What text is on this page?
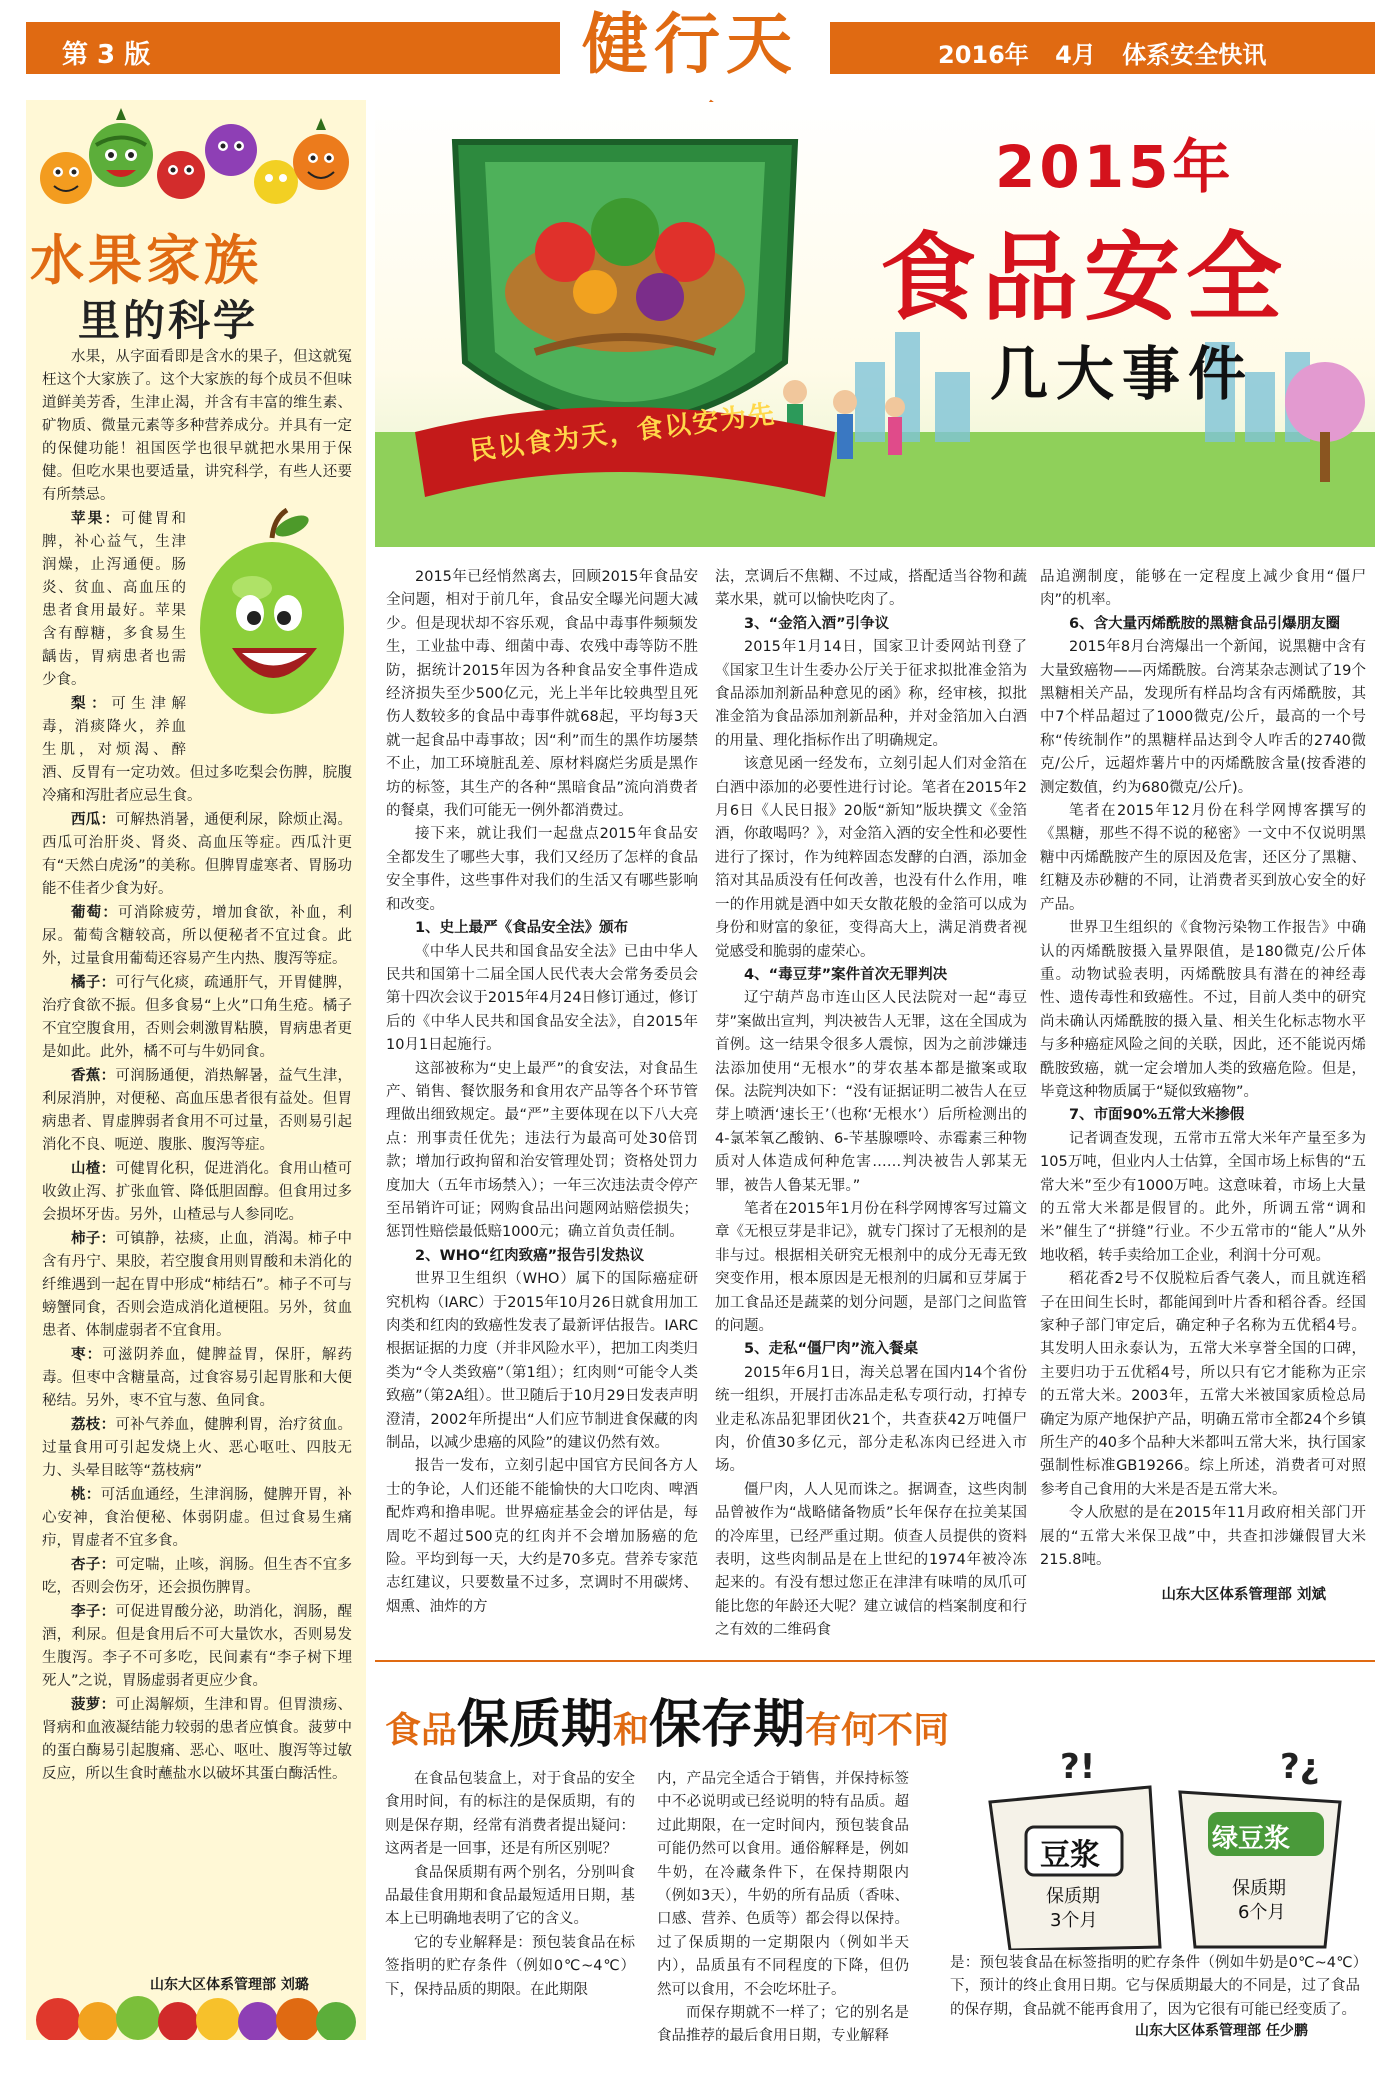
第 3 版	健行天	2016年 4月 体系安全快讯
水果家族
里的科学

水果，从字面看即是含水的果子，但这就冤枉这个大家族了。这个大家族的每个成员不但味道鲜美芳香，生津止渴，并含有丰富的维生素、矿物质、微量元素等多种营养成分。并具有一定的保健功能！祖国医学也很早就把水果用于保健。但吃水果也要适量，讲究科学，有些人还要有所禁忌。

苹果：可健胃和脾，补心益气，生津润燥，止泻通便。肠炎、贫血、高血压的患者食用最好。苹果含有醇糖，多食易生龋齿，胃病患者也需少食。

梨：可生津解毒，消痰降火，养血生肌，对烦渴、醉酒、反胃有一定功效。但过多吃梨会伤脾，脘腹冷痛和泻肚者应忌生食。

西瓜：可解热消暑，通便利尿，除烦止渴。西瓜可治肝炎、肾炎、高血压等症。西瓜汁更有“天然白虎汤”的美称。但脾胃虚寒者、胃肠功能不佳者少食为好。

葡萄：可消除疲劳，增加食欲，补血，利尿。葡萄含糖较高，所以便秘者不宜过食。此外，过量食用葡萄还容易产生内热、腹泻等症。

橘子：可行气化痰，疏通肝气，开胃健脾，治疗食欲不振。但多食易“上火”口角生疮。橘子不宜空腹食用，否则会刺激胃粘膜，胃病患者更是如此。此外，橘不可与牛奶同食。

香蕉：可润肠通便，消热解暑，益气生津，利尿消肿，对便秘、高血压患者很有益处。但胃病患者、胃虚脾弱者食用不可过量，否则易引起消化不良、呃逆、腹胀、腹泻等症。

山楂：可健胃化积，促进消化。食用山楂可收敛止泻、扩张血管、降低胆固醇。但食用过多会损坏牙齿。另外，山楂忌与人参同吃。

柿子：可镇静，祛痰，止血，消渴。柿子中含有丹宁、果胶，若空腹食用则胃酸和未消化的纤维遇到一起在胃中形成“柿结石”。柿子不可与螃蟹同食，否则会造成消化道梗阻。另外，贫血患者、体制虚弱者不宜食用。

枣：可滋阴养血，健脾益胃，保肝，解药毒。但枣中含糖量高，过食容易引起胃胀和大便秘结。另外，枣不宜与葱、鱼同食。

荔枝：可补气养血，健脾利胃，治疗贫血。过量食用可引起发烧上火、恶心呕吐、四肢无力、头晕目眩等“荔枝病”

桃：可活血通经，生津润肠，健脾开胃，补心安神，食治便秘、体弱阴虚。但过食易生痛疖，胃虚者不宜多食。

杏子：可定喘，止咳，润肠。但生杏不宜多吃，否则会伤牙，还会损伤脾胃。

李子：可促进胃酸分泌，助消化，润肠，醒酒，利尿。但是食用后不可大量饮水，否则易发生腹泻。李子不可多吃，民间素有“李子树下埋死人”之说，胃肠虚弱者更应少食。

菠萝：可止渴解烦，生津和胃。但胃溃疡、肾病和血液凝结能力较弱的患者应慎食。菠萝中的蛋白酶易引起腹痛、恶心、呕吐、腹泻等过敏反应，所以生食时蘸盐水以破坏其蛋白酶活性。

山东大区体系管理部 刘璐
2015年
食品安全
几大事件
民以食为天，食以安为先

2015年已经悄然离去，回顾2015年食品安全问题，相对于前几年，食品安全曝光问题大减少。但是现状却不容乐观，食品中毒事件频频发生，工业盐中毒、细菌中毒、农残中毒等防不胜防，据统计2015年因为各种食品安全事件造成经济损失至少500亿元，光上半年比较典型且死伤人数较多的食品中毒事件就68起，平均每3天就一起食品中毒事故；因“利”而生的黑作坊屡禁不止，加工环境脏乱差、原材料腐烂劣质是黑作坊的标签，其生产的各种“黑暗食品”流向消费者的餐桌，我们可能无一例外都消费过。

接下来，就让我们一起盘点2015年食品安全都发生了哪些大事，我们又经历了怎样的食品安全事件，这些事件对我们的生活又有哪些影响和改变。

1、史上最严《食品安全法》颁布

《中华人民共和国食品安全法》已由中华人民共和国第十二届全国人民代表大会常务委员会第十四次会议于2015年4月24日修订通过，修订后的《中华人民共和国食品安全法》，自2015年10月1日起施行。

这部被称为“史上最严”的食安法，对食品生产、销售、餐饮服务和食用农产品等各个环节管理做出细致规定。最“严”主要体现在以下八大亮点：刑事责任优先；违法行为最高可处30倍罚款；增加行政拘留和治安管理处罚；资格处罚力度加大（五年市场禁入）；一年三次违法责令停产至吊销许可证；网购食品出问题网站赔偿损失；惩罚性赔偿最低赔1000元；确立首负责任制。

2、WHO“红肉致癌”报告引发热议

世界卫生组织（WHO）属下的国际癌症研究机构（IARC）于2015年10月26日就食用加工肉类和红肉的致癌性发表了最新评估报告。IARC根据证据的力度（并非风险水平），把加工肉类归类为“令人类致癌”（第1组）；红肉则“可能令人类致癌”（第2A组）。世卫随后于10月29日发表声明澄清，2002年所提出“人们应节制进食保藏的肉制品，以减少患癌的风险”的建议仍然有效。

报告一发布，立刻引起中国官方民间各方人士的争论，人们还能不能愉快的大口吃肉、啤酒配炸鸡和撸串呢。世界癌症基金会的评估是，每周吃不超过500克的红肉并不会增加肠癌的危险。平均到每一天，大约是70多克。营养专家范志红建议，只要数量不过多，烹调时不用碳烤、烟熏、油炸的方

法，烹调后不焦糊、不过咸，搭配适当谷物和蔬菜水果，就可以愉快吃肉了。

3、“金箔入酒”引争议

2015年1月14日，国家卫计委网站刊登了《国家卫生计生委办公厅关于征求拟批准金箔为食品添加剂新品种意见的函》称，经审核，拟批准金箔为食品添加剂新品种，并对金箔加入白酒的用量、理化指标作出了明确规定。

该意见函一经发布，立刻引起人们对金箔在白酒中添加的必要性进行讨论。笔者在2015年2月6日《人民日报》20版“新知”版块撰文《金箔酒，你敢喝吗？》，对金箔入酒的安全性和必要性进行了探讨，作为纯粹固态发酵的白酒，添加金箔对其品质没有任何改善，也没有什么作用，唯一的作用就是酒中如天女散花般的金箔可以成为身份和财富的象征，变得高大上，满足消费者视觉感受和脆弱的虚荣心。

4、“毒豆芽”案件首次无罪判决

辽宁葫芦岛市连山区人民法院对一起“毒豆芽”案做出宣判，判决被告人无罪，这在全国成为首例。这一结果令很多人震惊，因为之前涉嫌违法添加使用“无根水”的芽农基本都是撤案或取保。法院判决如下：“没有证据证明二被告人在豆芽上喷洒‘速长王’（也称‘无根水’）后所检测出的4-氯苯氧乙酸钠、6-苄基腺嘌呤、赤霉素三种物质对人体造成何种危害……判决被告人郭某无罪，被告人鲁某无罪。”

笔者在2015年1月份在科学网博客写过篇文章《无根豆芽是非记》，就专门探讨了无根剂的是非与过。根据相关研究无根剂中的成分无毒无致突变作用，根本原因是无根剂的归属和豆芽属于加工食品还是蔬菜的划分问题，是部门之间监管的问题。

5、走私“僵尸肉”流入餐桌

2015年6月1日，海关总署在国内14个省份统一组织，开展打击冻品走私专项行动，打掉专业走私冻品犯罪团伙21个，共查获42万吨僵尸肉，价值30多亿元，部分走私冻肉已经进入市场。

僵尸肉，人人见而诛之。据调查，这些肉制品曾被作为“战略储备物质”长年保存在拉美某国的冷库里，已经严重过期。侦查人员提供的资料表明，这些肉制品是在上世纪的1974年被冷冻起来的。有没有想过您正在津津有味啃的凤爪可能比您的年龄还大呢？建立诚信的档案制度和行之有效的二维码食

品追溯制度，能够在一定程度上减少食用“僵尸肉”的机率。

6、含大量丙烯酰胺的黑糖食品引爆朋友圈

2015年8月台湾爆出一个新闻，说黑糖中含有大量致癌物——丙烯酰胺。台湾某杂志测试了19个黑糖相关产品，发现所有样品均含有丙烯酰胺，其中7个样品超过了1000微克/公斤，最高的一个号称“传统制作”的黑糖样品达到令人咋舌的2740微克/公斤，远超炸薯片中的丙烯酰胺含量(按香港的测定数值，约为680微克/公斤)。

笔者在2015年12月份在科学网博客撰写的《黑糖，那些不得不说的秘密》一文中不仅说明黑糖中丙烯酰胺产生的原因及危害，还区分了黑糖、红糖及赤砂糖的不同，让消费者买到放心安全的好产品。

世界卫生组织的《食物污染物工作报告》中确认的丙烯酰胺摄入量界限值，是180微克/公斤体重。动物试验表明，丙烯酰胺具有潜在的神经毒性、遗传毒性和致癌性。不过，目前人类中的研究尚未确认丙烯酰胺的摄入量、相关生化标志物水平与多种癌症风险之间的关联，因此，还不能说丙烯酰胺致癌，就一定会增加人类的致癌危险。但是，毕竟这种物质属于“疑似致癌物”。

7、市面90%五常大米掺假

记者调查发现，五常市五常大米年产量至多为105万吨，但业内人士估算，全国市场上标售的“五常大米”至少有1000万吨。这意味着，市场上大量的五常大米都是假冒的。此外，所调五常“调和米”催生了“拼缝”行业。不少五常市的“能人”从外地收稻，转手卖给加工企业，利润十分可观。

稻花香2号不仅脱粒后香气袭人，而且就连稻子在田间生长时，都能闻到叶片香和稻谷香。经国家种子部门审定后，确定种子名称为五优稻4号。其发明人田永泰认为，五常大米享誉全国的口碑，主要归功于五优稻4号，所以只有它才能称为正宗的五常大米。2003年，五常大米被国家质检总局确定为原产地保护产品，明确五常市全都24个乡镇所生产的40多个品种大米都叫五常大米，执行国家强制性标准GB19266。综上所述，消费者可对照参考自己食用的大米是否是五常大米。

令人欣慰的是在2015年11月政府相关部门开展的“五常大米保卫战”中，共查扣涉嫌假冒大米215.8吨。

山东大区体系管理部 刘斌
食品保质期和保存期有何不同

在食品包装盒上，对于食品的安全食用时间，有的标注的是保质期，有的则是保存期，经常有消费者提出疑问：这两者是一回事，还是有所区别呢？

食品保质期有两个别名，分别叫食品最佳食用期和食品最短适用日期，基本上已明确地表明了它的含义。

它的专业解释是：预包装食品在标签指明的贮存条件（例如0℃~4℃）下，保持品质的期限。在此期限

内，产品完全适合于销售，并保持标签中不必说明或已经说明的特有品质。超过此期限，在一定时间内，预包装食品可能仍然可以食用。通俗解释是，例如牛奶，在冷藏条件下，在保持期限内（例如3天），牛奶的所有品质（香味、口感、营养、色质等）都会得以保持。过了保质期的一定期限内（例如半天内），品质虽有不同程度的下降，但仍然可以食用，不会吃坏肚子。

而保存期就不一样了；它的别名是食品推荐的最后食用日期，专业解释

?!	?¿
豆浆
保质期
3个月
绿豆浆
保质期
6个月
是：预包装食品在标签指明的贮存条件（例如牛奶是0℃~4℃）下，预计的终止食用日期。它与保质期最大的不同是，过了食品的保存期，食品就不能再食用了，因为它很有可能已经变质了。
山东大区体系管理部 任少鹏
